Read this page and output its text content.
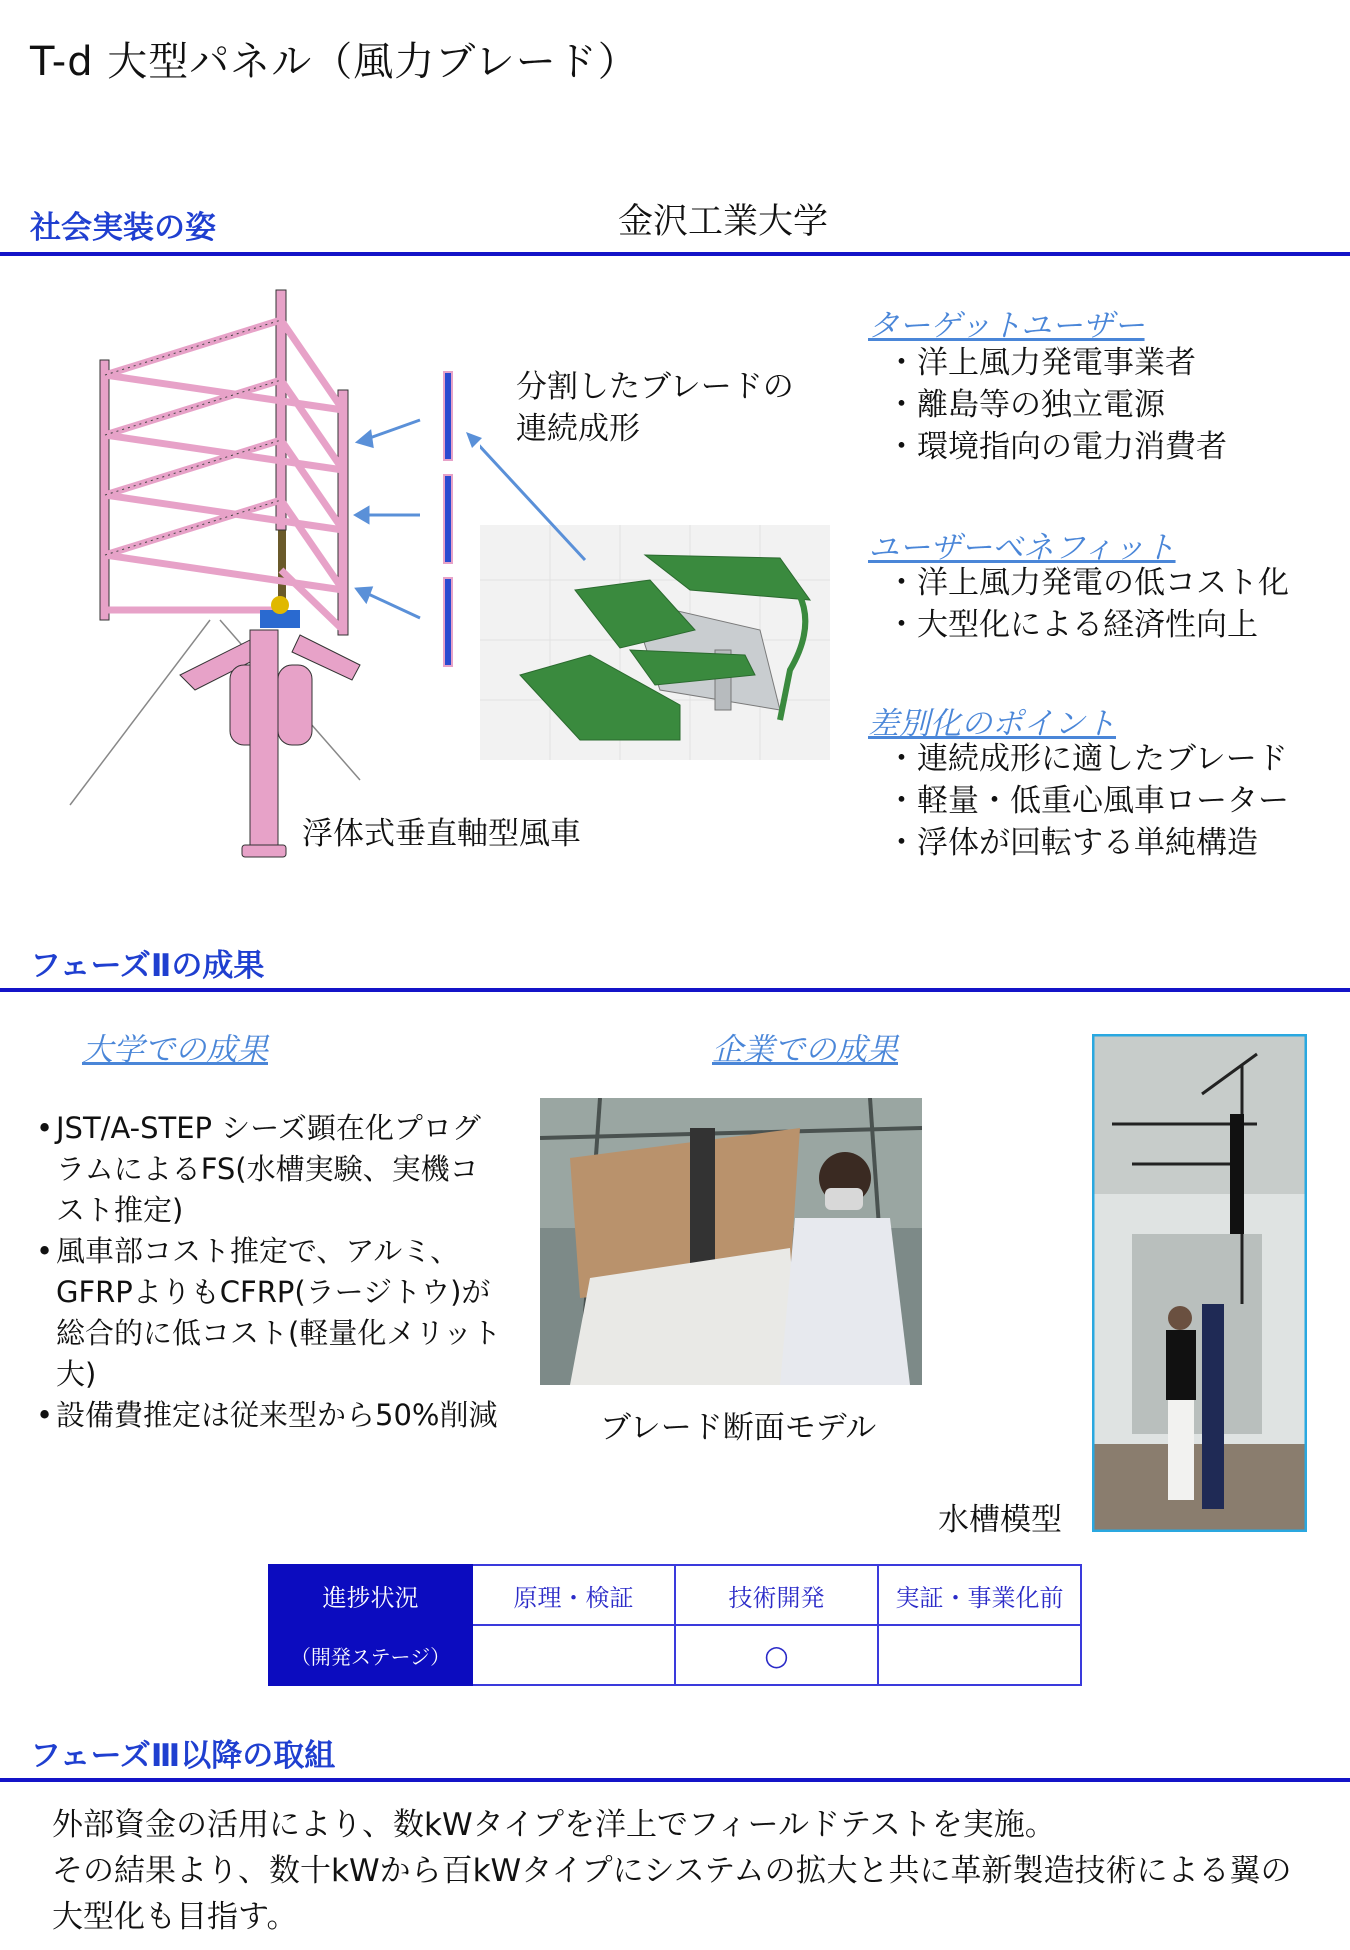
T-d 大型パネル（風力ブレード）
社会実装の姿	金沢工業大学
分割したブレードの
連続成形
浮体式垂直軸型風車
ターゲットユーザー
・洋上風力発電事業者
・離島等の独立電源
・環境指向の電力消費者
ユーザーベネフィット
・洋上風力発電の低コスト化
・大型化による経済性向上
差別化のポイント
・連続成形に適したブレード
・軽量・低重心風車ローター
・浮体が回転する単純構造
フェーズⅡの成果
大学での成果	企業での成果
• JST/A-STEP シーズ顕在化プログラムによるFS(水槽実験、実機コスト推定)
• 風車部コスト推定で、アルミ、GFRPよりもCFRP(ラージトウ)が総合的に低コスト(軽量化メリット大)
• 設備費推定は従来型から50%削減	ブレード断面モデル
水槽模型
進捗状況	原理・検証	技術開発	実証・事業化前
（開発ステージ）		○	
フェーズⅢ以降の取組
外部資金の活用により、数kWタイプを洋上でフィールドテストを実施。
その結果より、数十kWから百kWタイプにシステムの拡大と共に革新製造技術による翼の
大型化も目指す。
